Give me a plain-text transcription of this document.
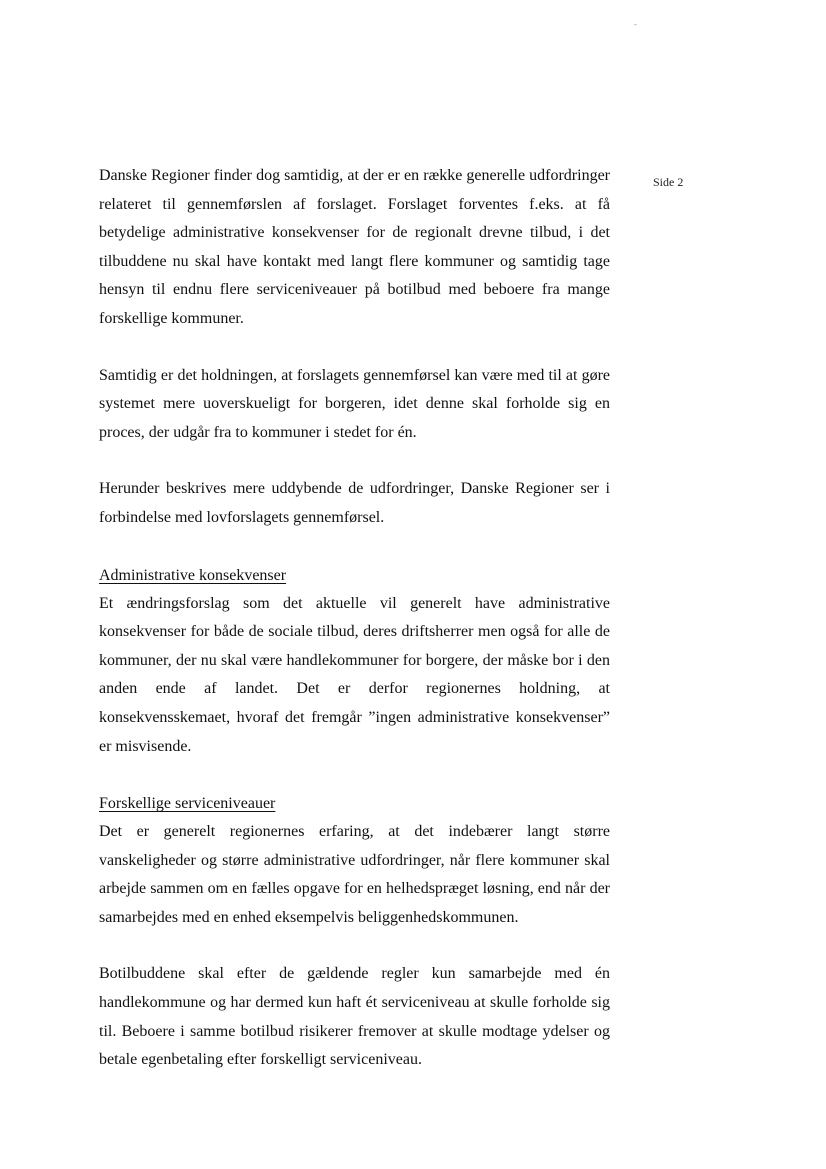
-
Side 2

Danske Regioner finder dog samtidig, at der er en række generelle udfordringer relateret til gennemførslen af forslaget. Forslaget forventes f.eks. at få betydelige administrative konsekvenser for de regionalt drevne tilbud, i det tilbuddene nu skal have kontakt med langt flere kommuner og samtidig tage hensyn til endnu flere serviceniveauer på botilbud med beboere fra mange forskellige kommuner.

Samtidig er det holdningen, at forslagets gennemførsel kan være med til at gøre systemet mere uoverskueligt for borgeren, idet denne skal forholde sig en proces, der udgår fra to kommuner i stedet for én.

Herunder beskrives mere uddybende de udfordringer, Danske Regioner ser i forbindelse med lovforslagets gennemførsel.

Administrative konsekvenser

Et ændringsforslag som det aktuelle vil generelt have administrative konsekvenser for både de sociale tilbud, deres driftsherrer men også for alle de kommuner, der nu skal være handlekommuner for borgere, der måske bor i den anden ende af landet. Det er derfor regionernes holdning, at konsekvensskemaet, hvoraf det fremgår ”ingen administrative konsekvenser” er misvisende.

Forskellige serviceniveauer

Det er generelt regionernes erfaring, at det indebærer langt større vanskeligheder og større administrative udfordringer, når flere kommuner skal arbejde sammen om en fælles opgave for en helhedspræget løsning, end når der samarbejdes med en enhed eksempelvis beliggenhedskommunen.

Botilbuddene skal efter de gældende regler kun samarbejde med én handlekommune og har dermed kun haft ét serviceniveau at skulle forholde sig til. Beboere i samme botilbud risikerer fremover at skulle modtage ydelser og betale egenbetaling efter forskelligt serviceniveau.
